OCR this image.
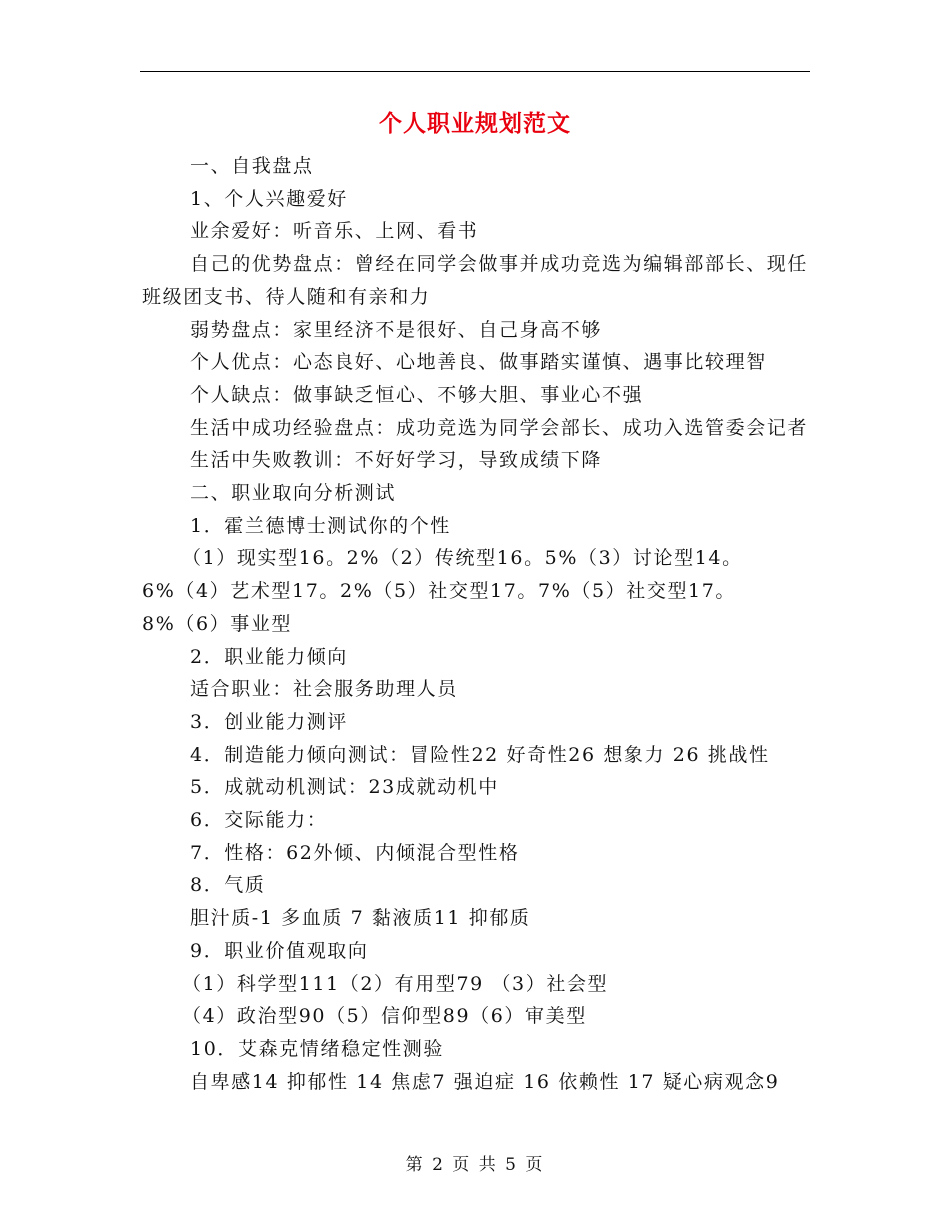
个人职业规划范文

一、自我盘点

1、个人兴趣爱好

业余爱好：听音乐、上网、看书

自己的优势盘点：曾经在同学会做事并成功竞选为编辑部部长、现任班级团支书、待人随和有亲和力

弱势盘点：家里经济不是很好、自己身高不够

个人优点：心态良好、心地善良、做事踏实谨慎、遇事比较理智

个人缺点：做事缺乏恒心、不够大胆、事业心不强

生活中成功经验盘点：成功竞选为同学会部长、成功入选管委会记者

生活中失败教训：不好好学习，导致成绩下降

二、职业取向分析测试

1．霍兰德博士测试你的个性

（1）现实型16。2%（2）传统型16。5%（3）讨论型14。6%（4）艺术型17。2%（5）社交型17。7%（5）社交型17。8%（6）事业型

2．职业能力倾向

适合职业：社会服务助理人员

3．创业能力测评

4．制造能力倾向测试：冒险性22 好奇性26 想象力 26 挑战性

5．成就动机测试：23成就动机中

6．交际能力：

7．性格：62外倾、内倾混合型性格

8．气质

胆汁质-1 多血质 7 黏液质11 抑郁质

9．职业价值观取向

（1）科学型111（2）有用型79 （3）社会型

（4）政治型90（5）信仰型89（6）审美型

10．艾森克情绪稳定性测验

自卑感14 抑郁性 14 焦虑7 强迫症 16 依赖性 17 疑心病观念9

第 2 页 共 5 页
